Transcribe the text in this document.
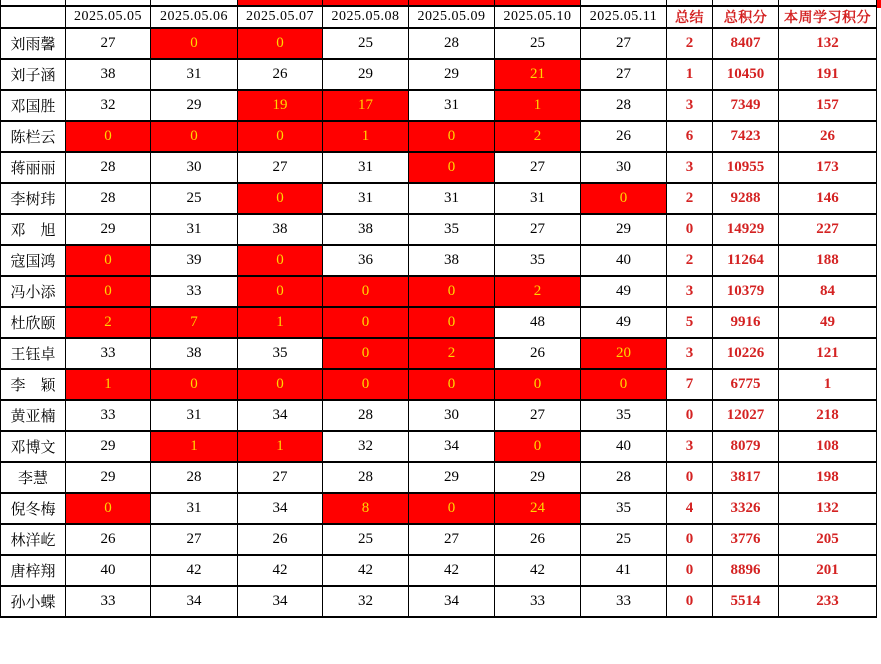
	2025.05.05	2025.05.06	2025.05.07	2025.05.08	2025.05.09	2025.05.10	2025.05.11	总结	总积分	本周学习积分
刘雨馨	27	0	0	25	28	25	27	2	8407	132
刘子涵	38	31	26	29	29	21	27	1	10450	191
邓国胜	32	29	19	17	31	1	28	3	7349	157
陈栏云	0	0	0	1	0	2	26	6	7423	26
蒋丽丽	28	30	27	31	0	27	30	3	10955	173
李树玮	28	25	0	31	31	31	0	2	9288	146
邓　旭	29	31	38	38	35	27	29	0	14929	227
寇国鸿	0	39	0	36	38	35	40	2	11264	188
冯小添	0	33	0	0	0	2	49	3	10379	84
杜欣颐	2	7	1	0	0	48	49	5	9916	49
王钰卓	33	38	35	0	2	26	20	3	10226	121
李　颖	1	0	0	0	0	0	0	7	6775	1
黄亚楠	33	31	34	28	30	27	35	0	12027	218
邓博文	29	1	1	32	34	0	40	3	8079	108
李慧	29	28	27	28	29	29	28	0	3817	198
倪冬梅	0	31	34	8	0	24	35	4	3326	132
林洋屹	26	27	26	25	27	26	25	0	3776	205
唐梓翔	40	42	42	42	42	42	41	0	8896	201
孙小蝶	33	34	34	32	34	33	33	0	5514	233
